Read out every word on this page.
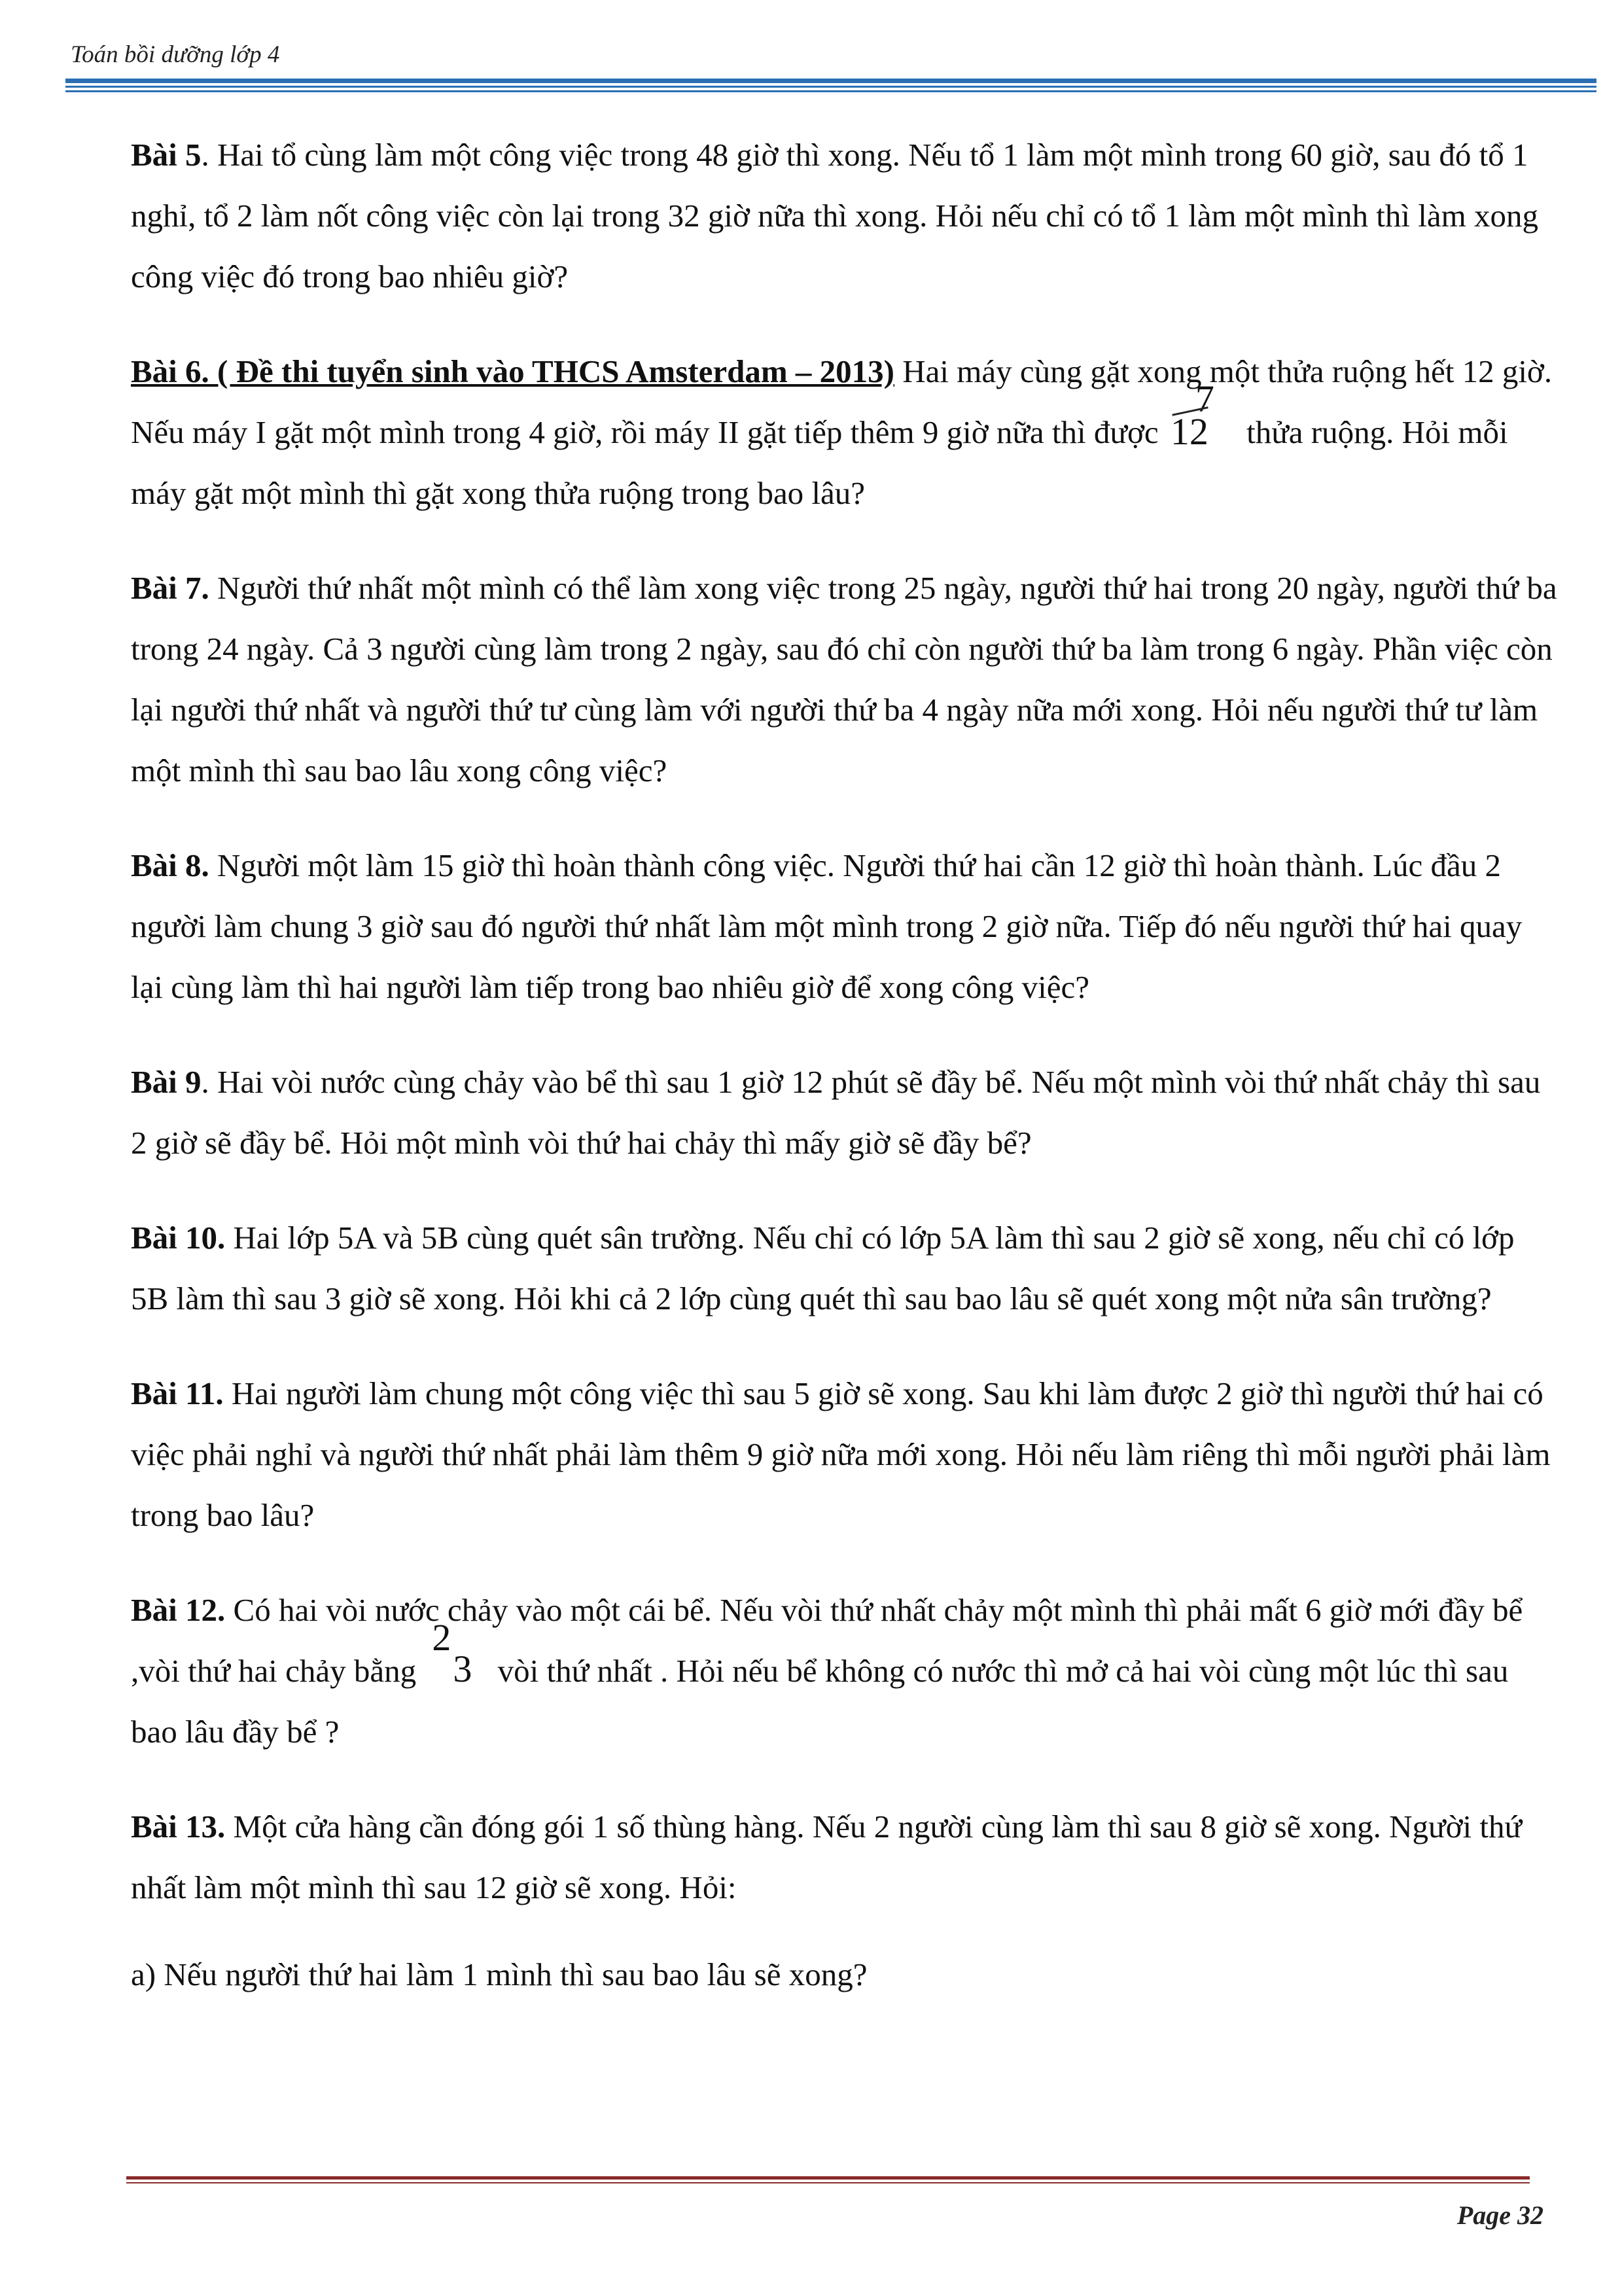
Toán bồi dưỡng lớp 4

Bài 5. Hai tổ cùng làm một công việc trong 48 giờ thì xong. Nếu tổ 1 làm một mình trong 60 giờ, sau đó tổ 1 nghỉ, tổ 2 làm nốt công việc còn lại trong 32 giờ nữa thì xong. Hỏi nếu chỉ có tổ 1 làm một mình thì làm xong công việc đó trong bao nhiêu giờ?

Bài 6. ( Đề thi tuyển sinh vào THCS Amsterdam – 2013) Hai máy cùng gặt xong một thửa ruộng hết 12 giờ. Nếu máy I gặt một mình trong 4 giờ, rồi máy II gặt tiếp thêm 9 giờ nữa thì được
7
12 thửa ruộng. Hỏi mỗi máy gặt một mình thì gặt xong thửa ruộng trong bao lâu?

Bài 7. Người thứ nhất một mình có thể làm xong việc trong 25 ngày, người thứ hai trong 20 ngày, người thứ ba trong 24 ngày. Cả 3 người cùng làm trong 2 ngày, sau đó chỉ còn người thứ ba làm trong 6 ngày. Phần việc còn lại người thứ nhất và người thứ tư cùng làm với người thứ ba 4 ngày nữa mới xong. Hỏi nếu người thứ tư làm một mình thì sau bao lâu xong công việc?

Bài 8. Người một làm 15 giờ thì hoàn thành công việc. Người thứ hai cần 12 giờ thì hoàn thành. Lúc đầu 2 người làm chung 3 giờ sau đó người thứ nhất làm một mình trong 2 giờ nữa. Tiếp đó nếu người thứ hai quay lại cùng làm thì hai người làm tiếp trong bao nhiêu giờ để xong công việc?

Bài 9. Hai vòi nước cùng chảy vào bể thì sau 1 giờ 12 phút sẽ đầy bể. Nếu một mình vòi thứ nhất chảy thì sau 2 giờ sẽ đầy bể. Hỏi một mình vòi thứ hai chảy thì mấy giờ sẽ đầy bể?

Bài 10. Hai lớp 5A và 5B cùng quét sân trường. Nếu chỉ có lớp 5A làm thì sau 2 giờ sẽ xong, nếu chỉ có lớp 5B làm thì sau 3 giờ sẽ xong. Hỏi khi cả 2 lớp cùng quét thì sau bao lâu sẽ quét xong một nửa sân trường?

Bài 11. Hai người làm chung một công việc thì sau 5 giờ sẽ xong. Sau khi làm được 2 giờ thì người thứ hai có việc phải nghỉ và người thứ nhất phải làm thêm 9 giờ nữa mới xong. Hỏi nếu làm riêng thì mỗi người phải làm trong bao lâu?

Bài 12. Có hai vòi nước chảy vào một cái bể. Nếu vòi thứ nhất chảy một mình thì phải mất 6 giờ mới đầy bể ,vòi thứ hai chảy bằng
2
3 vòi thứ nhất . Hỏi nếu bể không có nước thì mở cả hai vòi cùng một lúc thì sau bao lâu đầy bể ?

Bài 13. Một cửa hàng cần đóng gói 1 số thùng hàng. Nếu 2 người cùng làm thì sau 8 giờ sẽ xong. Người thứ nhất làm một mình thì sau 12 giờ sẽ xong. Hỏi:

a) Nếu người thứ hai làm 1 mình thì sau bao lâu sẽ xong?

Page 32
